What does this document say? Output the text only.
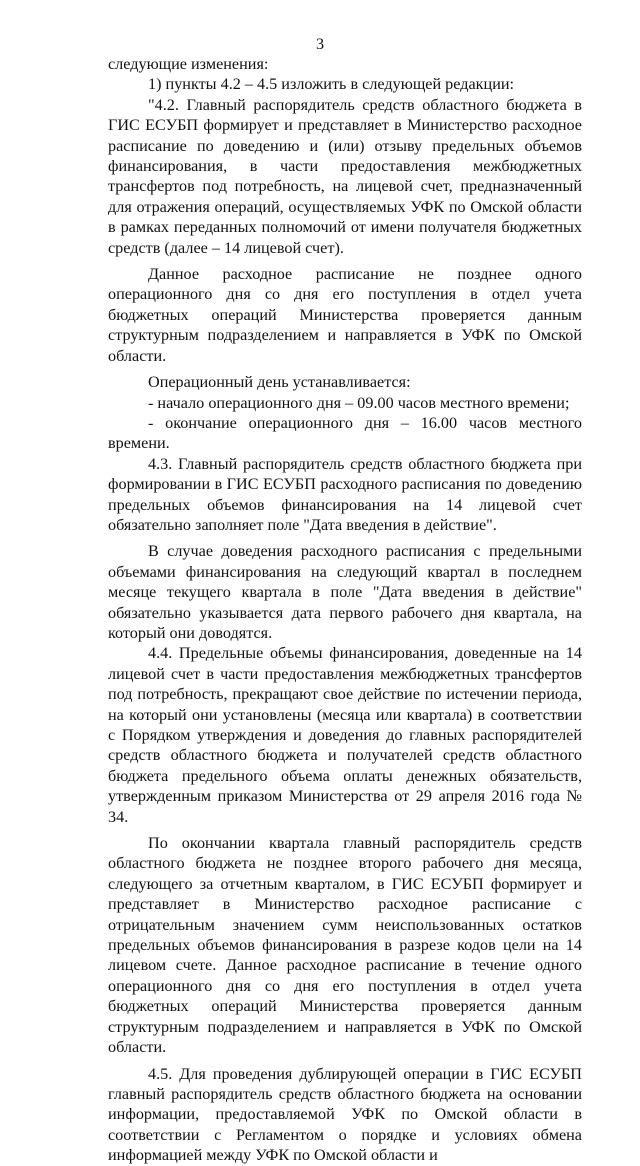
3

следующие изменения:

1) пункты 4.2 – 4.5 изложить в следующей редакции:

"4.2. Главный распорядитель средств областного бюджета в ГИС ЕСУБП формирует и представляет в Министерство расходное расписание по доведению и (или) отзыву предельных объемов финансирования, в части предоставления межбюджетных трансфертов под потребность, на лицевой счет, предназначенный для отражения операций, осуществляемых УФК по Омской области в рамках переданных полномочий от имени получателя бюджетных средств (далее – 14 лицевой счет).

Данное расходное расписание не позднее одного операционного дня со дня его поступления в отдел учета бюджетных операций Министерства проверяется данным структурным подразделением и направляется в УФК по Омской области.

Операционный день устанавливается:

- начало операционного дня – 09.00 часов местного времени;

- окончание операционного дня – 16.00 часов местного времени.

4.3. Главный распорядитель средств областного бюджета при формировании в ГИС ЕСУБП расходного расписания по доведению предельных объемов финансирования на 14 лицевой счет обязательно заполняет поле "Дата введения в действие".

В случае доведения расходного расписания с предельными объемами финансирования на следующий квартал в последнем месяце текущего квартала в поле "Дата введения в действие" обязательно указывается дата первого рабочего дня квартала, на который они доводятся.

4.4. Предельные объемы финансирования, доведенные на 14 лицевой счет в части предоставления межбюджетных трансфертов под потребность, прекращают свое действие по истечении периода, на который они установлены (месяца или квартала) в соответствии с Порядком утверждения и доведения до главных распорядителей средств областного бюджета и получателей средств областного бюджета предельного объема оплаты денежных обязательств, утвержденным приказом Министерства от 29 апреля 2016 года № 34.

По окончании квартала главный распорядитель средств областного бюджета не позднее второго рабочего дня месяца, следующего за отчетным кварталом, в ГИС ЕСУБП формирует и представляет в Министерство расходное расписание с отрицательным значением сумм неиспользованных остатков предельных объемов финансирования в разрезе кодов цели на 14 лицевом счете. Данное расходное расписание в течение одного операционного дня со дня его поступления в отдел учета бюджетных операций Министерства проверяется данным структурным подразделением и направляется в УФК по Омской области.

4.5. Для проведения дублирующей операции в ГИС ЕСУБП главный распорядитель средств областного бюджета на основании информации, предоставляемой УФК по Омской области в соответствии с Регламентом о порядке и условиях обмена информацией между УФК по Омской области и
